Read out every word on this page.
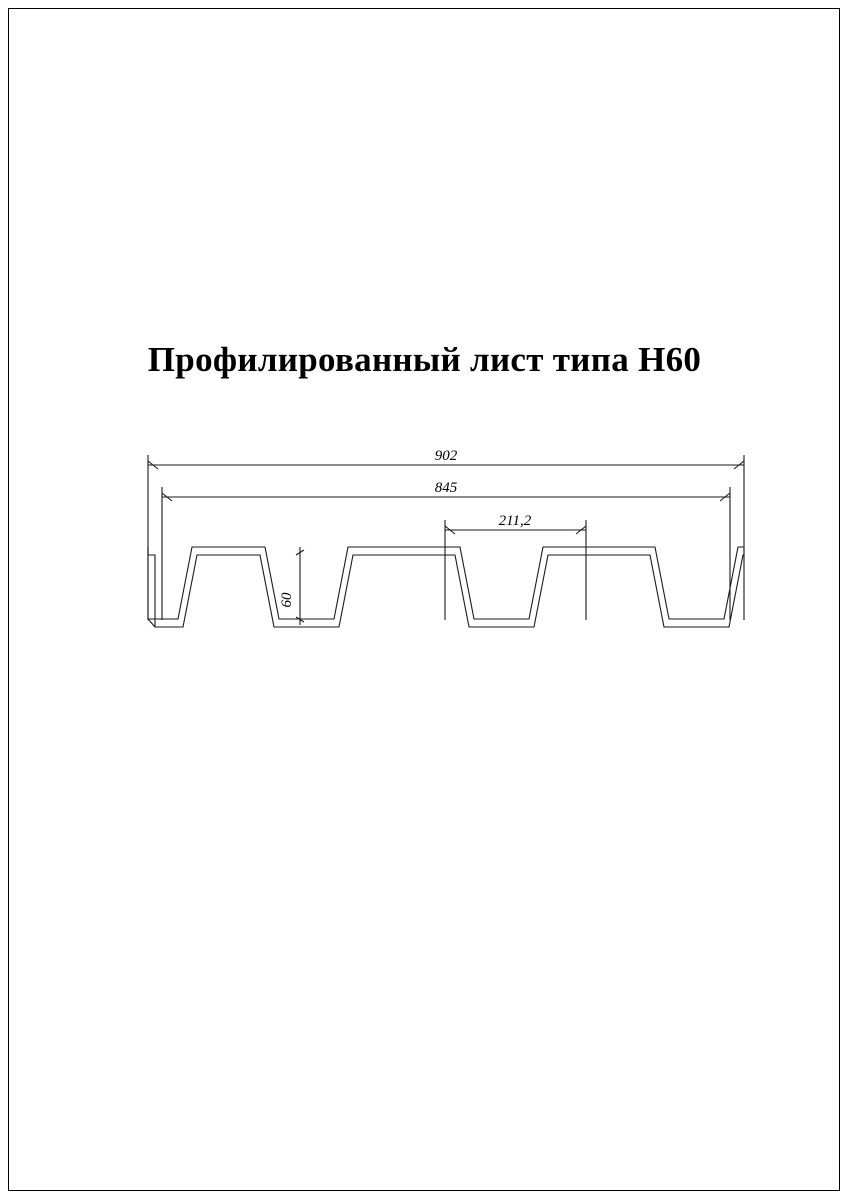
Профилированный лист типа Н60
902
845
211,2
60
